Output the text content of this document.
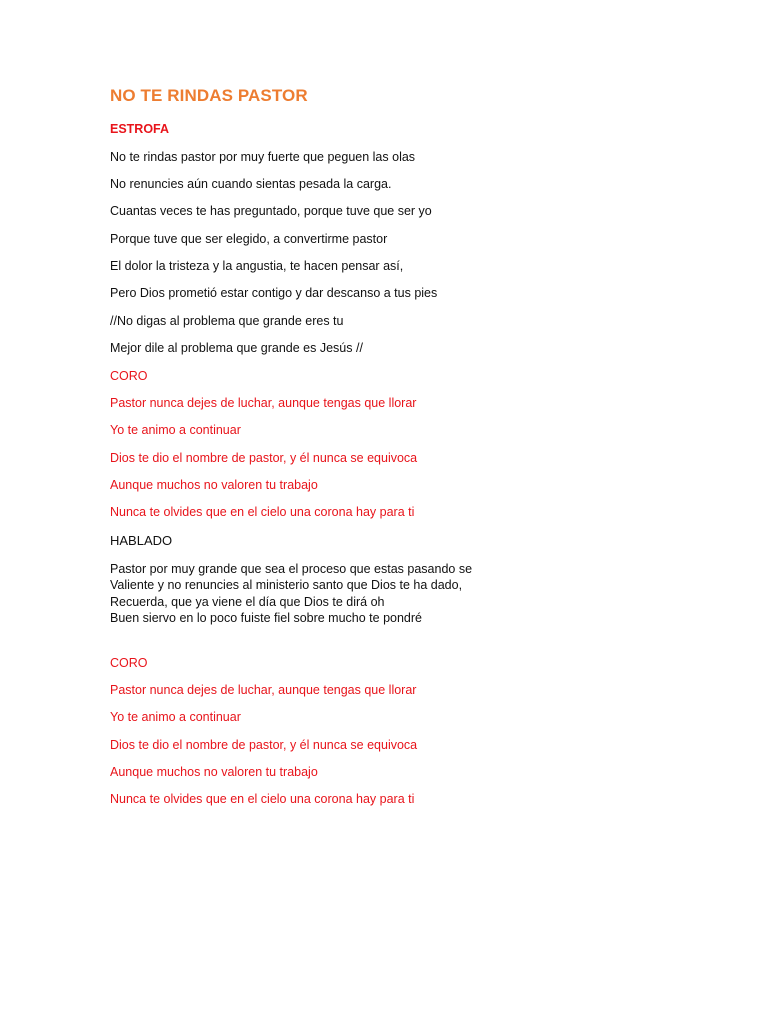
NO TE RINDAS PASTOR
ESTROFA
No te rindas pastor por muy fuerte que peguen las olas
No renuncies aún cuando sientas pesada la carga.
Cuantas veces te has preguntado, porque tuve que ser yo
Porque tuve que ser elegido, a convertirme pastor
El dolor la tristeza y la angustia, te hacen pensar así,
Pero Dios prometió estar contigo y dar descanso a tus pies
//No digas al problema que grande eres tu
Mejor dile al problema que grande es Jesús //
CORO
Pastor nunca dejes de luchar, aunque tengas que llorar
Yo te animo a continuar
Dios te dio el nombre de pastor, y él nunca se equivoca
Aunque muchos no valoren tu trabajo
Nunca te olvides que en el cielo una corona hay para ti
HABLADO
Pastor por muy grande que sea el proceso que estas pasando se
Valiente y no renuncies al ministerio santo que Dios te ha dado,
Recuerda, que ya viene el día que Dios te dirá oh
Buen siervo en lo poco fuiste fiel sobre mucho te pondré
CORO
Pastor nunca dejes de luchar, aunque tengas que llorar
Yo te animo a continuar
Dios te dio el nombre de pastor, y él nunca se equivoca
Aunque muchos no valoren tu trabajo
Nunca te olvides que en el cielo una corona hay para ti
